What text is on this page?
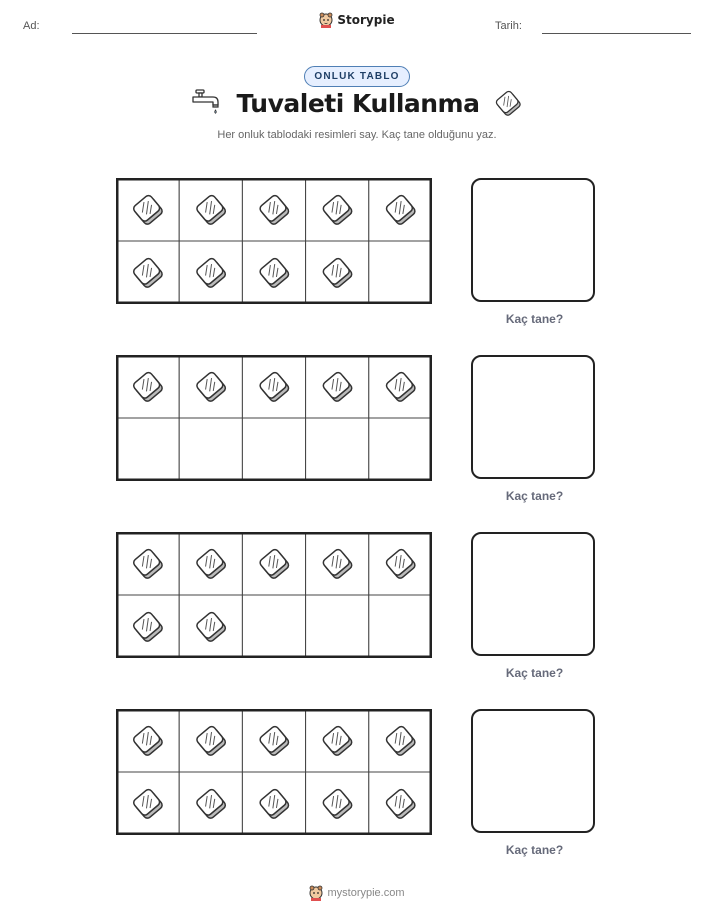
Ad:	Storypie	Tarih:
ONLUK TABLO
Tuvaleti Kullanma
Her onluk tablodaki resimleri say. Kaç tane olduğunu yaz.
Kaç tane?
Kaç tane?
Kaç tane?
Kaç tane?
mystorypie.com
